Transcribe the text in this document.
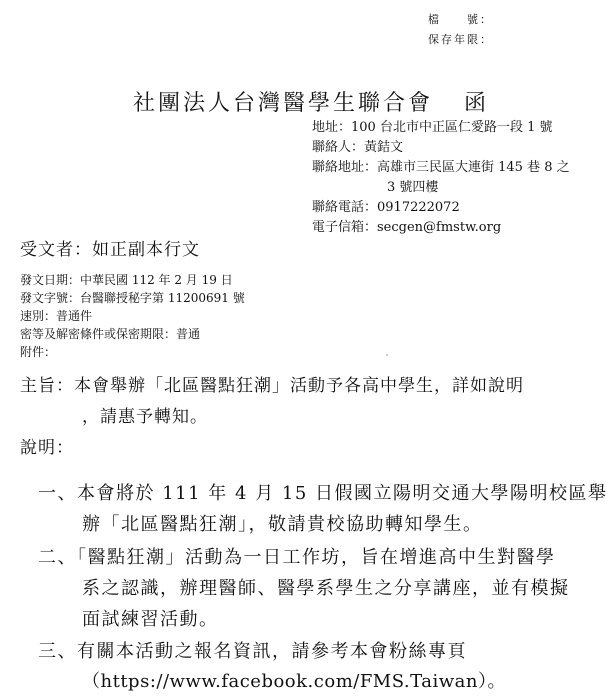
檔　　號：
保存年限：
社團法人台灣醫學生聯合會 函
地址：100 台北市中正區仁愛路一段 1 號
聯絡人：黃銡文
聯絡地址：高雄市三民區大連街 145 巷 8 之
3 號四樓
聯絡電話：0917222072
電子信箱：secgen@fmstw.org
受文者：如正副本行文
發文日期：中華民國 112 年 2 月 19 日
發文字號：台醫聯授秘字第 11200691 號
速別：普通件
密等及解密條件或保密期限：普通
附件：
主旨：本會舉辦「北區醫點狂潮」活動予各高中學生，詳如說明
，請惠予轉知。
說明：
一、本會將於 111 年 4 月 15 日假國立陽明交通大學陽明校區舉
辦「北區醫點狂潮」，敬請貴校協助轉知學生。
二、「醫點狂潮」活動為一日工作坊，旨在增進高中生對醫學
系之認識，辦理醫師、醫學系學生之分享講座，並有模擬
面試練習活動。
三、有關本活動之報名資訊，請參考本會粉絲專頁
（https://www.facebook.com/FMS.Taiwan）。
